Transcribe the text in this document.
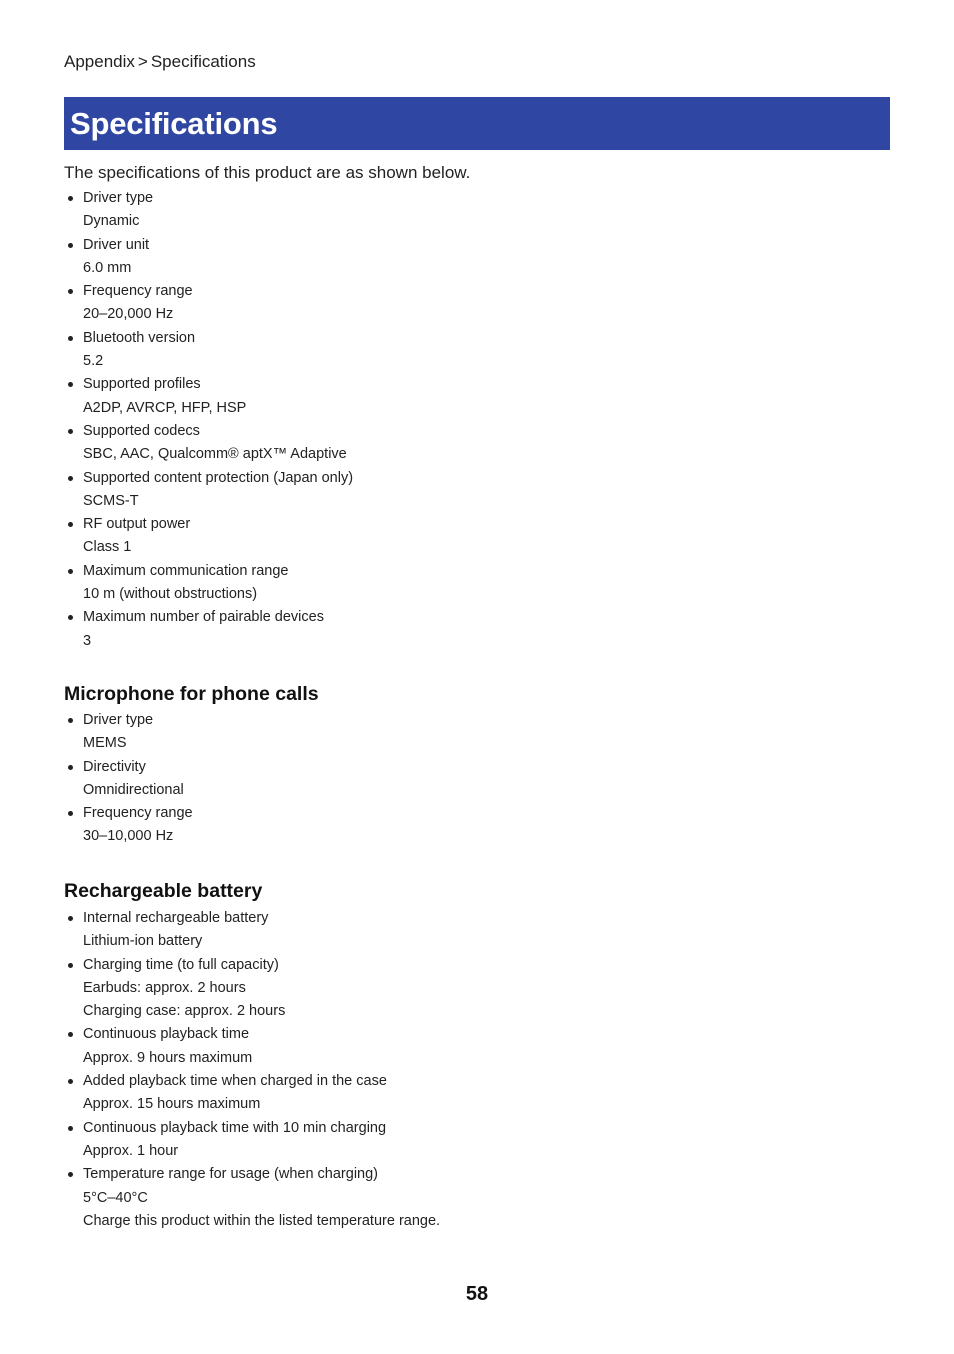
Appendix > Specifications
Specifications

The specifications of this product are as shown below.

Driver type
Dynamic
Driver unit
6.0 mm
Frequency range
20–20,000 Hz
Bluetooth version
5.2
Supported profiles
A2DP, AVRCP, HFP, HSP
Supported codecs
SBC, AAC, Qualcomm® aptX™ Adaptive
Supported content protection (Japan only)
SCMS-T
RF output power
Class 1
Maximum communication range
10 m (without obstructions)
Maximum number of pairable devices
3
Microphone for phone calls
Driver type
MEMS
Directivity
Omnidirectional
Frequency range
30–10,000 Hz
Rechargeable battery
Internal rechargeable battery
Lithium-ion battery
Charging time (to full capacity)
Earbuds: approx. 2 hours
Charging case: approx. 2 hours
Continuous playback time
Approx. 9 hours maximum
Added playback time when charged in the case
Approx. 15 hours maximum
Continuous playback time with 10 min charging
Approx. 1 hour
Temperature range for usage (when charging)
5°C–40°C
Charge this product within the listed temperature range.
58
